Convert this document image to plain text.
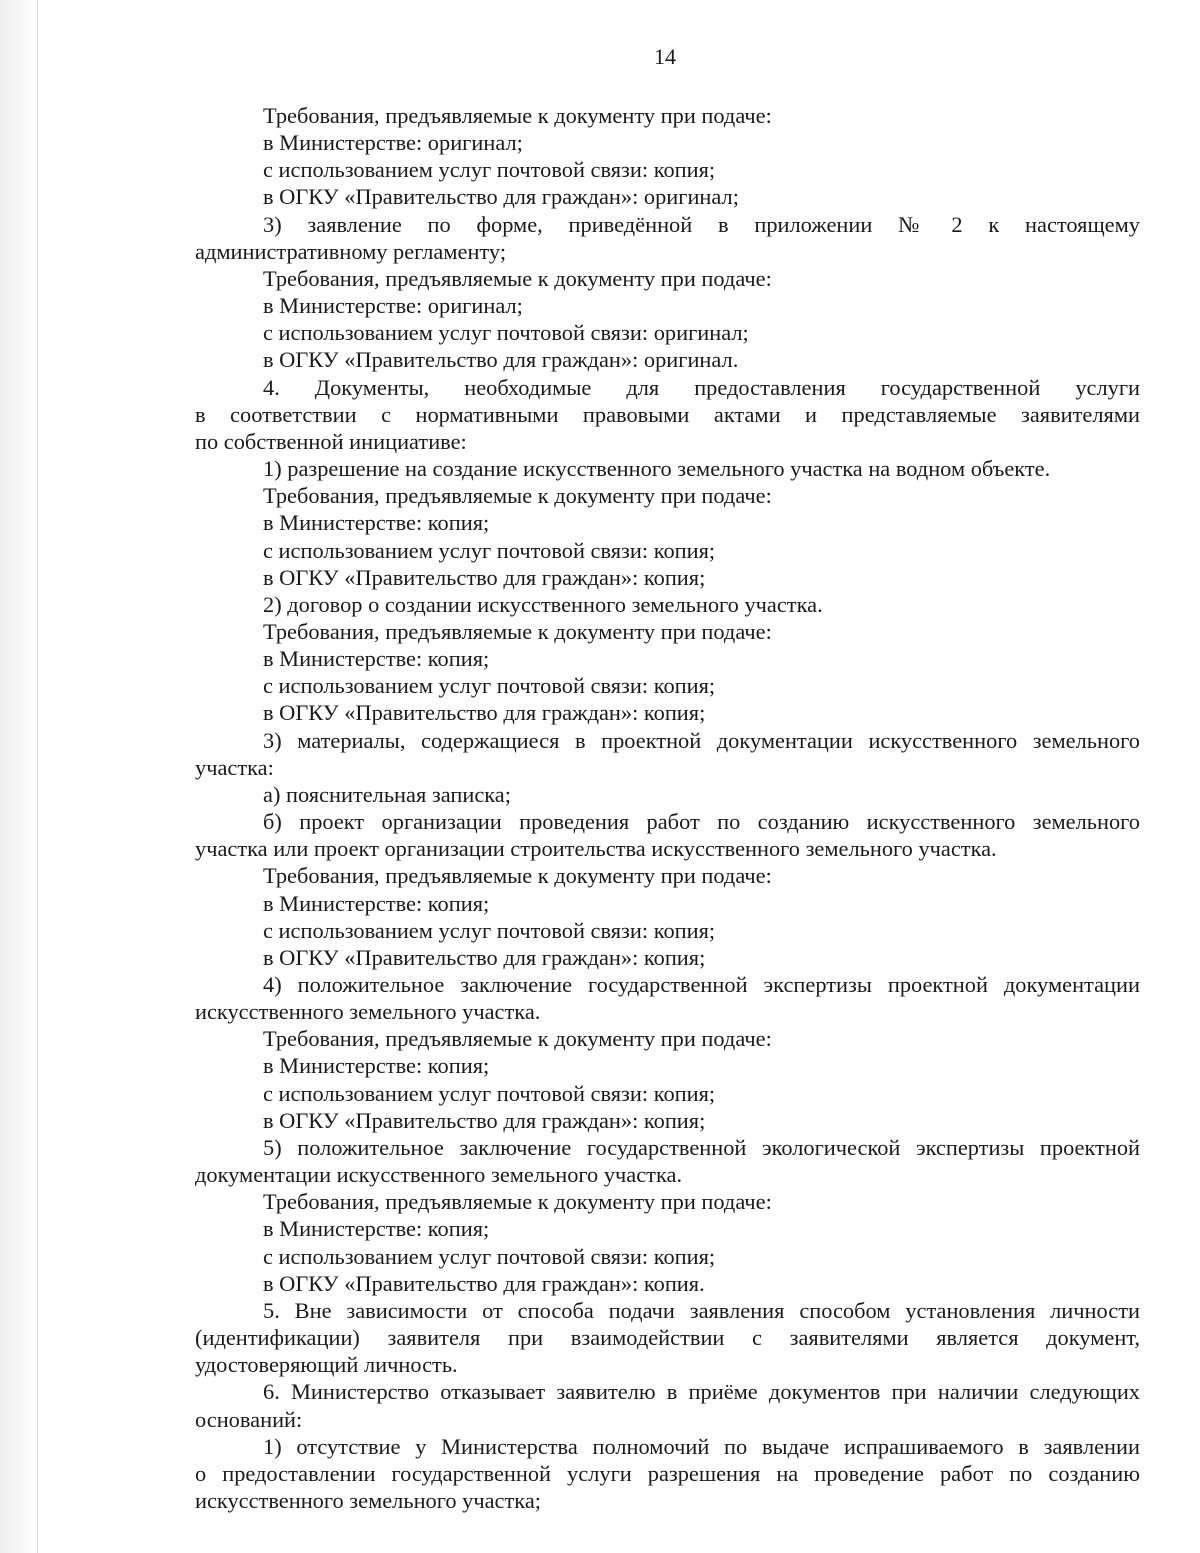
14

Требования, предъявляемые к документу при подаче:

в Министерстве: оригинал;

с использованием услуг почтовой связи: копия;

в ОГКУ «Правительство для граждан»: оригинал;

3) заявление по форме, приведённой в приложении № 2 к настоящему

административному регламенту;

Требования, предъявляемые к документу при подаче:

в Министерстве: оригинал;

с использованием услуг почтовой связи: оригинал;

в ОГКУ «Правительство для граждан»: оригинал.

4. Документы, необходимые для предоставления государственной услуги

в соответствии с нормативными правовыми актами и представляемые заявителями

по собственной инициативе:

1) разрешение на создание искусственного земельного участка на водном объекте.

Требования, предъявляемые к документу при подаче:

в Министерстве: копия;

с использованием услуг почтовой связи: копия;

в ОГКУ «Правительство для граждан»: копия;

2) договор о создании искусственного земельного участка.

Требования, предъявляемые к документу при подаче:

в Министерстве: копия;

с использованием услуг почтовой связи: копия;

в ОГКУ «Правительство для граждан»: копия;

3) материалы, содержащиеся в проектной документации искусственного земельного

участка:

а) пояснительная записка;

б) проект организации проведения работ по созданию искусственного земельного

участка или проект организации строительства искусственного земельного участка.

Требования, предъявляемые к документу при подаче:

в Министерстве: копия;

с использованием услуг почтовой связи: копия;

в ОГКУ «Правительство для граждан»: копия;

4) положительное заключение государственной экспертизы проектной документации

искусственного земельного участка.

Требования, предъявляемые к документу при подаче:

в Министерстве: копия;

с использованием услуг почтовой связи: копия;

в ОГКУ «Правительство для граждан»: копия;

5) положительное заключение государственной экологической экспертизы проектной

документации искусственного земельного участка.

Требования, предъявляемые к документу при подаче:

в Министерстве: копия;

с использованием услуг почтовой связи: копия;

в ОГКУ «Правительство для граждан»: копия.

5. Вне зависимости от способа подачи заявления способом установления личности

(идентификации) заявителя при взаимодействии с заявителями является документ,

удостоверяющий личность.

6. Министерство отказывает заявителю в приёме документов при наличии следующих

оснований:

1) отсутствие у Министерства полномочий по выдаче испрашиваемого в заявлении

о предоставлении государственной услуги разрешения на проведение работ по созданию

искусственного земельного участка;
